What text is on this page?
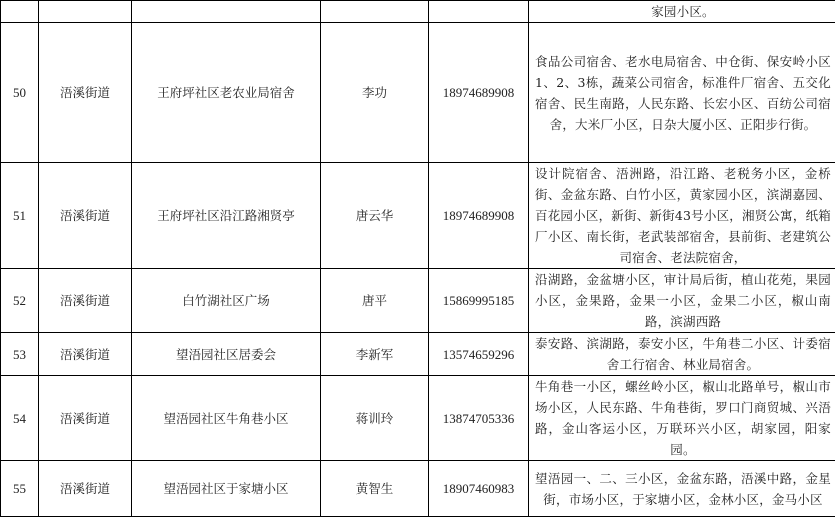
					家园小区。
50	浯溪街道	王府坪社区老农业局宿舍	李功	18974689908	食品公司宿舍、老水电局宿舍、中仓街、保安岭小区1、2、3栋，蔬菜公司宿舍，标准件厂宿舍、五交化宿舍、民生南路，人民东路、长宏小区、百纺公司宿舍，大米厂小区，日杂大厦小区、正阳步行街。
51	浯溪街道	王府坪社区沿江路湘贤亭	唐云华	18974689908	设计院宿舍、浯洲路，沿江路、老税务小区，金桥街、金盆东路、白竹小区，黄家园小区，滨湖嘉园、百花园小区，新街、新街43号小区，湘贤公寓，纸箱厂小区、南长街，老武装部宿舍，县前街、老建筑公司宿舍、老法院宿舍，
52	浯溪街道	白竹湖社区广场	唐平	15869995185	沿湖路，金盆塘小区，审计局后街，植山花苑，果园小区，金果路，金果一小区，金果二小区，椒山南路，滨湖西路
53	浯溪街道	望浯园社区居委会	李新军	13574659296	泰安路、滨湖路，泰安小区，牛角巷二小区、计委宿舍工行宿舍、林业局宿舍。
54	浯溪街道	望浯园社区牛角巷小区	蒋训玲	13874705336	牛角巷一小区，螺丝岭小区，椒山北路单号，椒山市场小区，人民东路、牛角巷街，罗口门商贸城、兴浯路，金山客运小区，万联环兴小区，胡家园，阳家园。
55	浯溪街道	望浯园社区于家塘小区	黄智生	18907460983	望浯园一、二、三小区，金盆东路，浯溪中路，金星街，市场小区，于家塘小区，金林小区，金马小区
